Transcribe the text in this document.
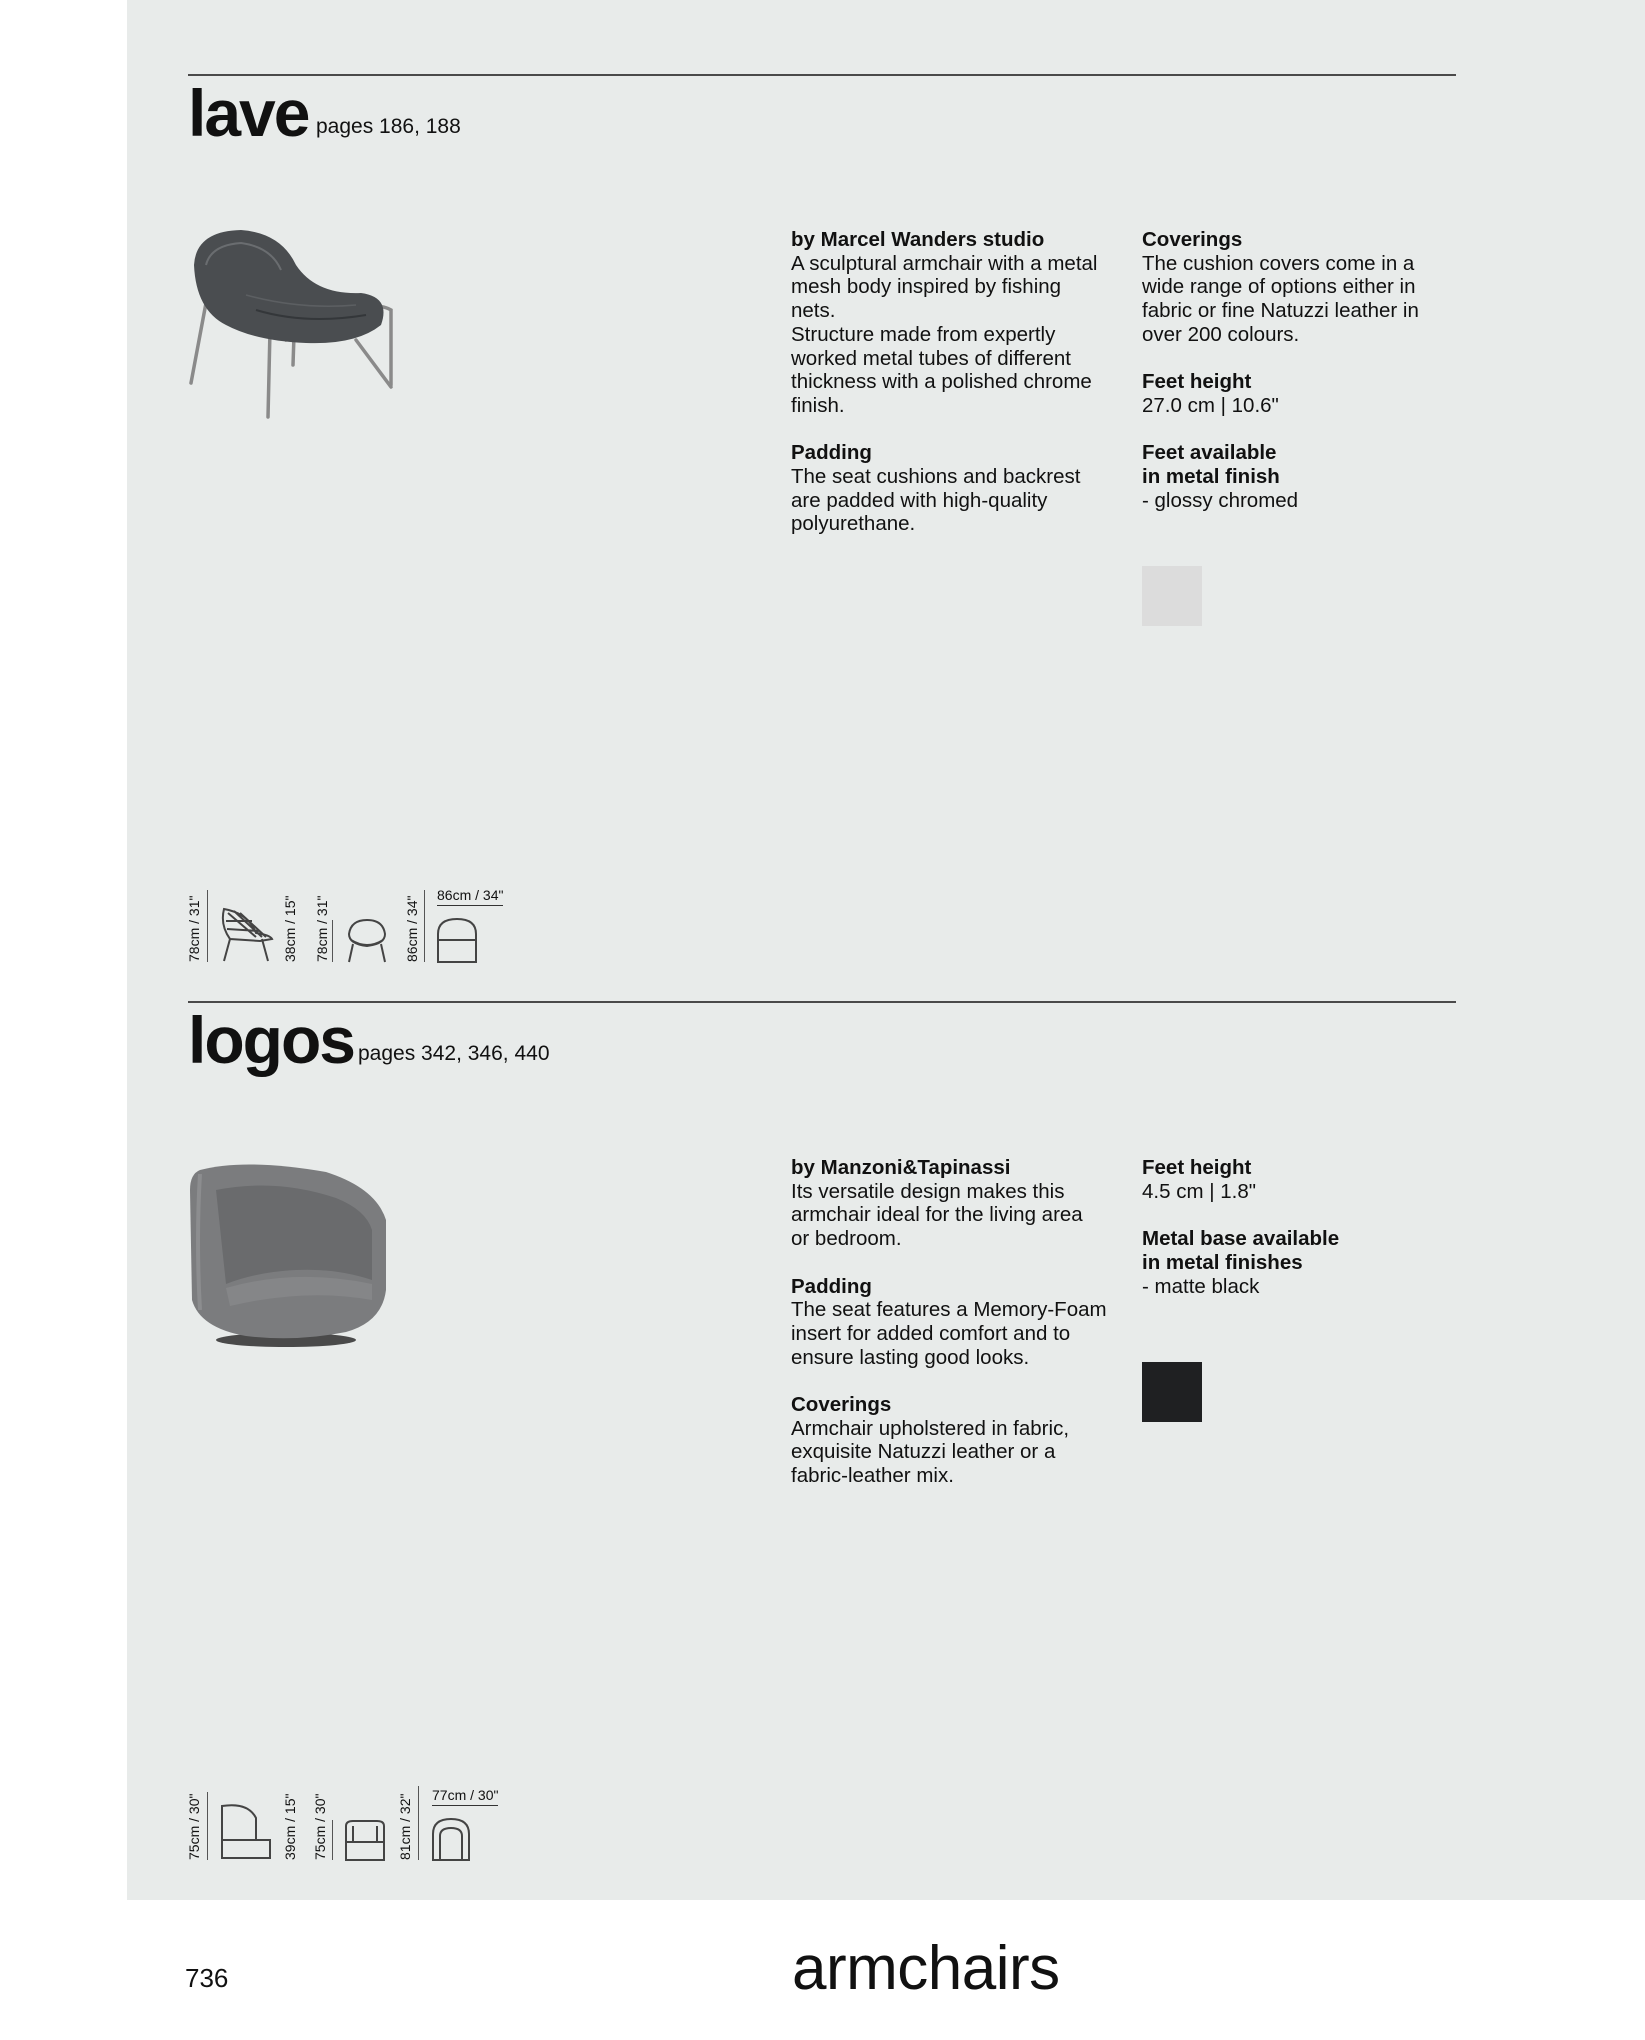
lave pages 186, 188

by Marcel Wanders studio

A sculptural armchair with a metal

mesh body inspired by fishing

nets.

Structure made from expertly

worked metal tubes of different

thickness with a polished chrome

finish.

Padding

The seat cushions and backrest

are padded with high-quality

polyurethane.

Coverings

The cushion covers come in a

wide range of options either in

fabric or fine Natuzzi leather in

over 200 colours.

Feet height

27.0 cm | 10.6"

Feet available

in metal finish

- glossy chromed

78cm / 31"	38cm / 15" 78cm / 31"	86cm / 34"
86cm / 34"
logos pages 342, 346, 440

by Manzoni&Tapinassi

Its versatile design makes this

armchair ideal for the living area

or bedroom.

Padding

The seat features a Memory-Foam

insert for added comfort and to

ensure lasting good looks.

Coverings

Armchair upholstered in fabric,

exquisite Natuzzi leather or a

fabric-leather mix.

Feet height

4.5 cm | 1.8"

Metal base available

in metal finishes

- matte black

75cm / 30"	39cm / 15" 75cm / 30"	81cm / 32" 77cm / 30"
736	armchairs
